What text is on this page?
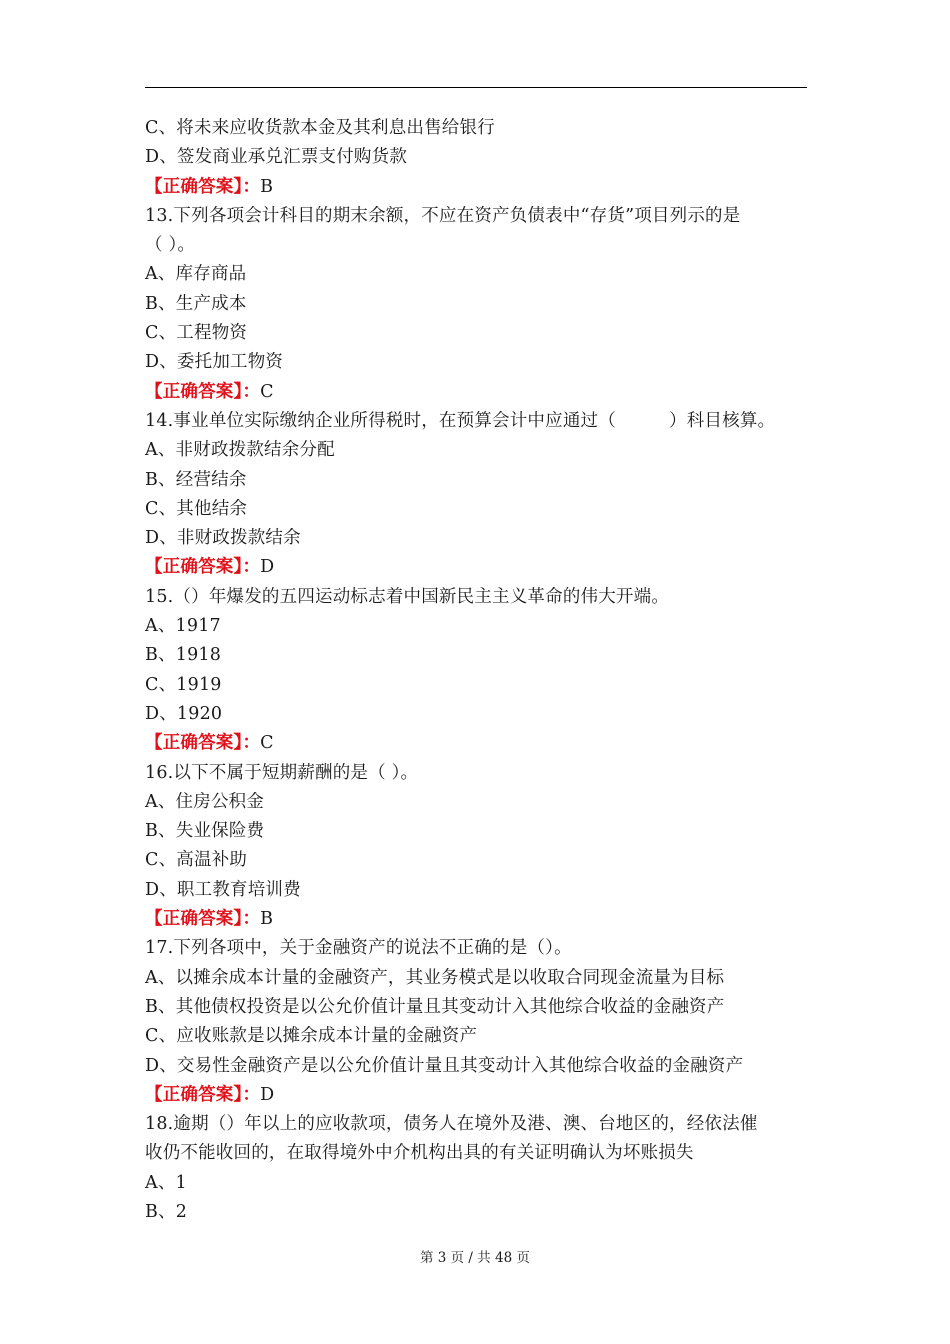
C、将未来应收货款本金及其利息出售给银行
D、签发商业承兑汇票支付购货款
【正确答案】：B
13.下列各项会计科目的期末余额，不应在资产负债表中“存货”项目列示的是
（ ）。
A、库存商品
B、生产成本
C、工程物资
D、委托加工物资
【正确答案】：C
14.事业单位实际缴纳企业所得税时，在预算会计中应通过（　　　）科目核算。
A、非财政拨款结余分配
B、经营结余
C、其他结余
D、非财政拨款结余
【正确答案】：D
15.（）年爆发的五四运动标志着中国新民主主义革命的伟大开端。
A、1917
B、1918
C、1919
D、1920
【正确答案】：C
16.以下不属于短期薪酬的是（ ）。
A、住房公积金
B、失业保险费
C、高温补助
D、职工教育培训费
【正确答案】：B
17.下列各项中，关于金融资产的说法不正确的是（）。
A、以摊余成本计量的金融资产，其业务模式是以收取合同现金流量为目标
B、其他债权投资是以公允价值计量且其变动计入其他综合收益的金融资产
C、应收账款是以摊余成本计量的金融资产
D、交易性金融资产是以公允价值计量且其变动计入其他综合收益的金融资产
【正确答案】：D
18.逾期（）年以上的应收款项，债务人在境外及港、澳、台地区的，经依法催
收仍不能收回的，在取得境外中介机构出具的有关证明确认为坏账损失
A、1
B、2
第 3 页 / 共 48 页
